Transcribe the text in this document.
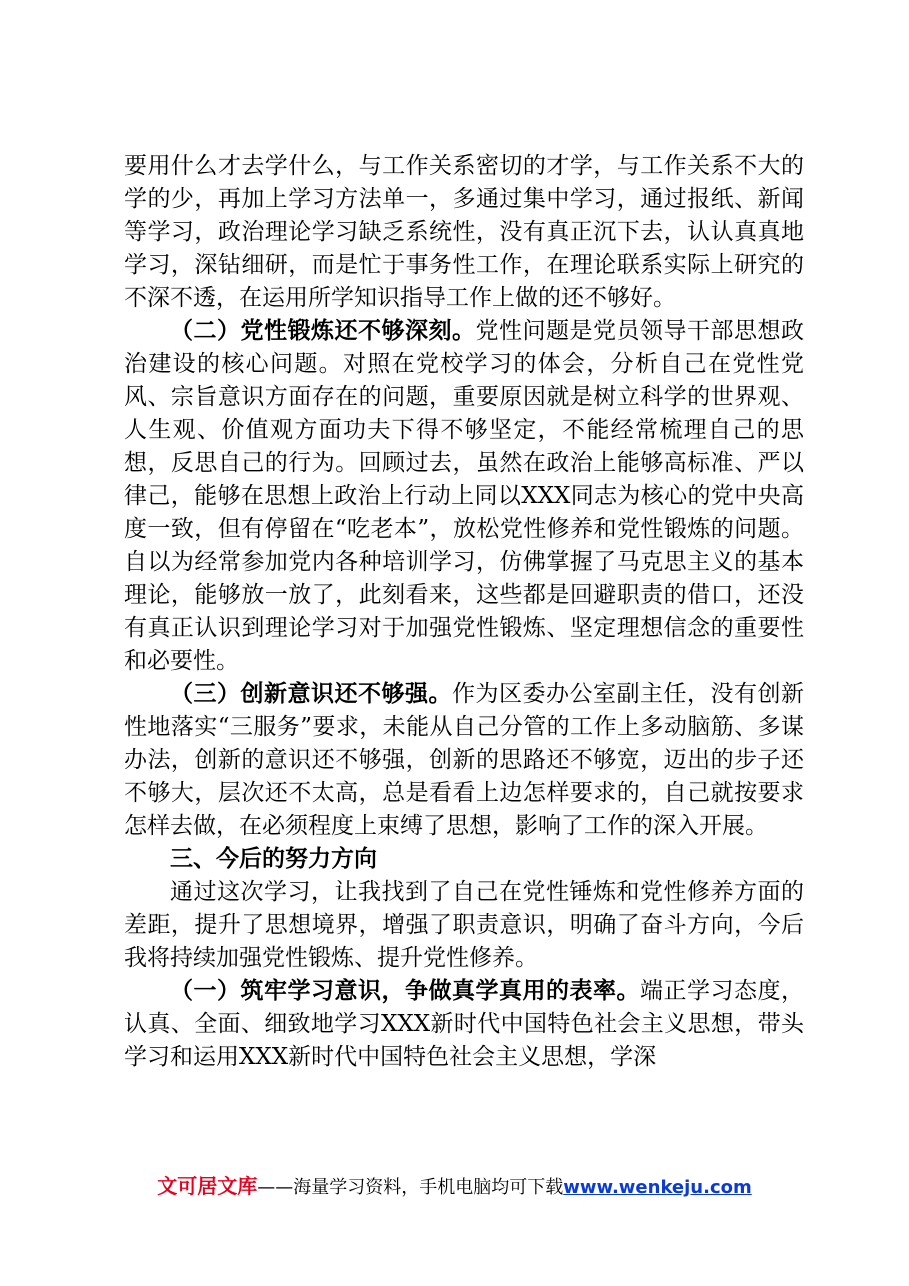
要用什么才去学什么，与工作关系密切的才学，与工作关系不大的学的少，再加上学习方法单一，多通过集中学习，通过报纸、新闻等学习，政治理论学习缺乏系统性，没有真正沉下去，认认真真地学习，深钻细研，而是忙于事务性工作，在理论联系实际上研究的不深不透，在运用所学知识指导工作上做的还不够好。

（二）党性锻炼还不够深刻。党性问题是党员领导干部思想政治建设的核心问题。对照在党校学习的体会，分析自己在党性党风、宗旨意识方面存在的问题，重要原因就是树立科学的世界观、人生观、价值观方面功夫下得不够坚定，不能经常梳理自己的思想，反思自己的行为。回顾过去，虽然在政治上能够高标准、严以律己，能够在思想上政治上行动上同以XXX同志为核心的党中央高度一致，但有停留在“吃老本”，放松党性修养和党性锻炼的问题。自以为经常参加党内各种培训学习，仿佛掌握了马克思主义的基本理论，能够放一放了，此刻看来，这些都是回避职责的借口，还没有真正认识到理论学习对于加强党性锻炼、坚定理想信念的重要性和必要性。

（三）创新意识还不够强。作为区委办公室副主任，没有创新性地落实“三服务”要求，未能从自己分管的工作上多动脑筋、多谋办法，创新的意识还不够强，创新的思路还不够宽，迈出的步子还不够大，层次还不太高，总是看看上边怎样要求的，自己就按要求怎样去做，在必须程度上束缚了思想，影响了工作的深入开展。

三、今后的努力方向

通过这次学习，让我找到了自己在党性锤炼和党性修养方面的差距，提升了思想境界，增强了职责意识，明确了奋斗方向，今后我将持续加强党性锻炼、提升党性修养。

（一）筑牢学习意识，争做真学真用的表率。端正学习态度，认真、全面、细致地学习XXX新时代中国特色社会主义思想，带头学习和运用XXX新时代中国特色社会主义思想，学深

文可居文库——海量学习资料，手机电脑均可下载www.wenkeju.com
